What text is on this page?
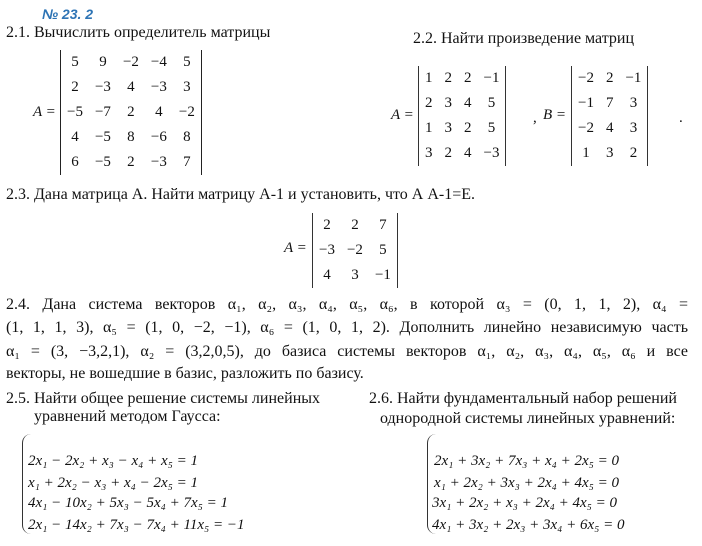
№ 23. 2
2.1. Вычислить определитель матрицы
A =
5	9	−2	−4	5
2	−3	4	−3	3
−5	−7	2	4	−2
4	−5	8	−6	8
6	−5	2	−3	7
2.2. Найти произведение матриц
A =
1	2	2	−1
2	3	4	5
1	3	2	5
3	2	4	−3
, B =
−2	2	−1
−1	7	3
−2	4	3
1	3	2
.
2.3. Дана матрица А. Найти матрицу А-1 и установить, что А А-1=Е.
A =
2	2	7
−3	−2	5
4	3	−1
2.4. Дана система векторов α₁, α₂, α₃, α₄, α₅, α₆, в которой α₃ = (0, 1, 1, 2), α₄ =
(1, 1, 1, 3), α₅ = (1, 0, −2, −1), α₆ = (1, 0, 1, 2). Дополнить линейно независимую часть
α₁ = (3, −3,2,1), α₂ = (3,2,0,5), до базиса системы векторов α₁, α₂, α₃, α₄, α₅, α₆ и все
векторы, не вошедшие в базис, разложить по базису.
2.5. Найти общее решение системы линейных
уравнений методом Гаусса:
2x₁ − 2x₂ + x₃ − x₄ + x₅ = 1
x₁ + 2x₂ − x₃ + x₄ − 2x₅ = 1
4x₁ − 10x₂ + 5x₃ − 5x₄ + 7x₅ = 1
2x₁ − 14x₂ + 7x₃ − 7x₄ + 11x₅ = −1
2.6. Найти фундаментальный набор решений
однородной системы линейных уравнений:
2x₁ + 3x₂ + 7x₃ + x₄ + 2x₅ = 0
x₁ + 2x₂ + 3x₃ + 2x₄ + 4x₅ = 0
3x₁ + 2x₂ + x₃ + 2x₄ + 4x₅ = 0
4x₁ + 3x₂ + 2x₃ + 3x₄ + 6x₅ = 0
